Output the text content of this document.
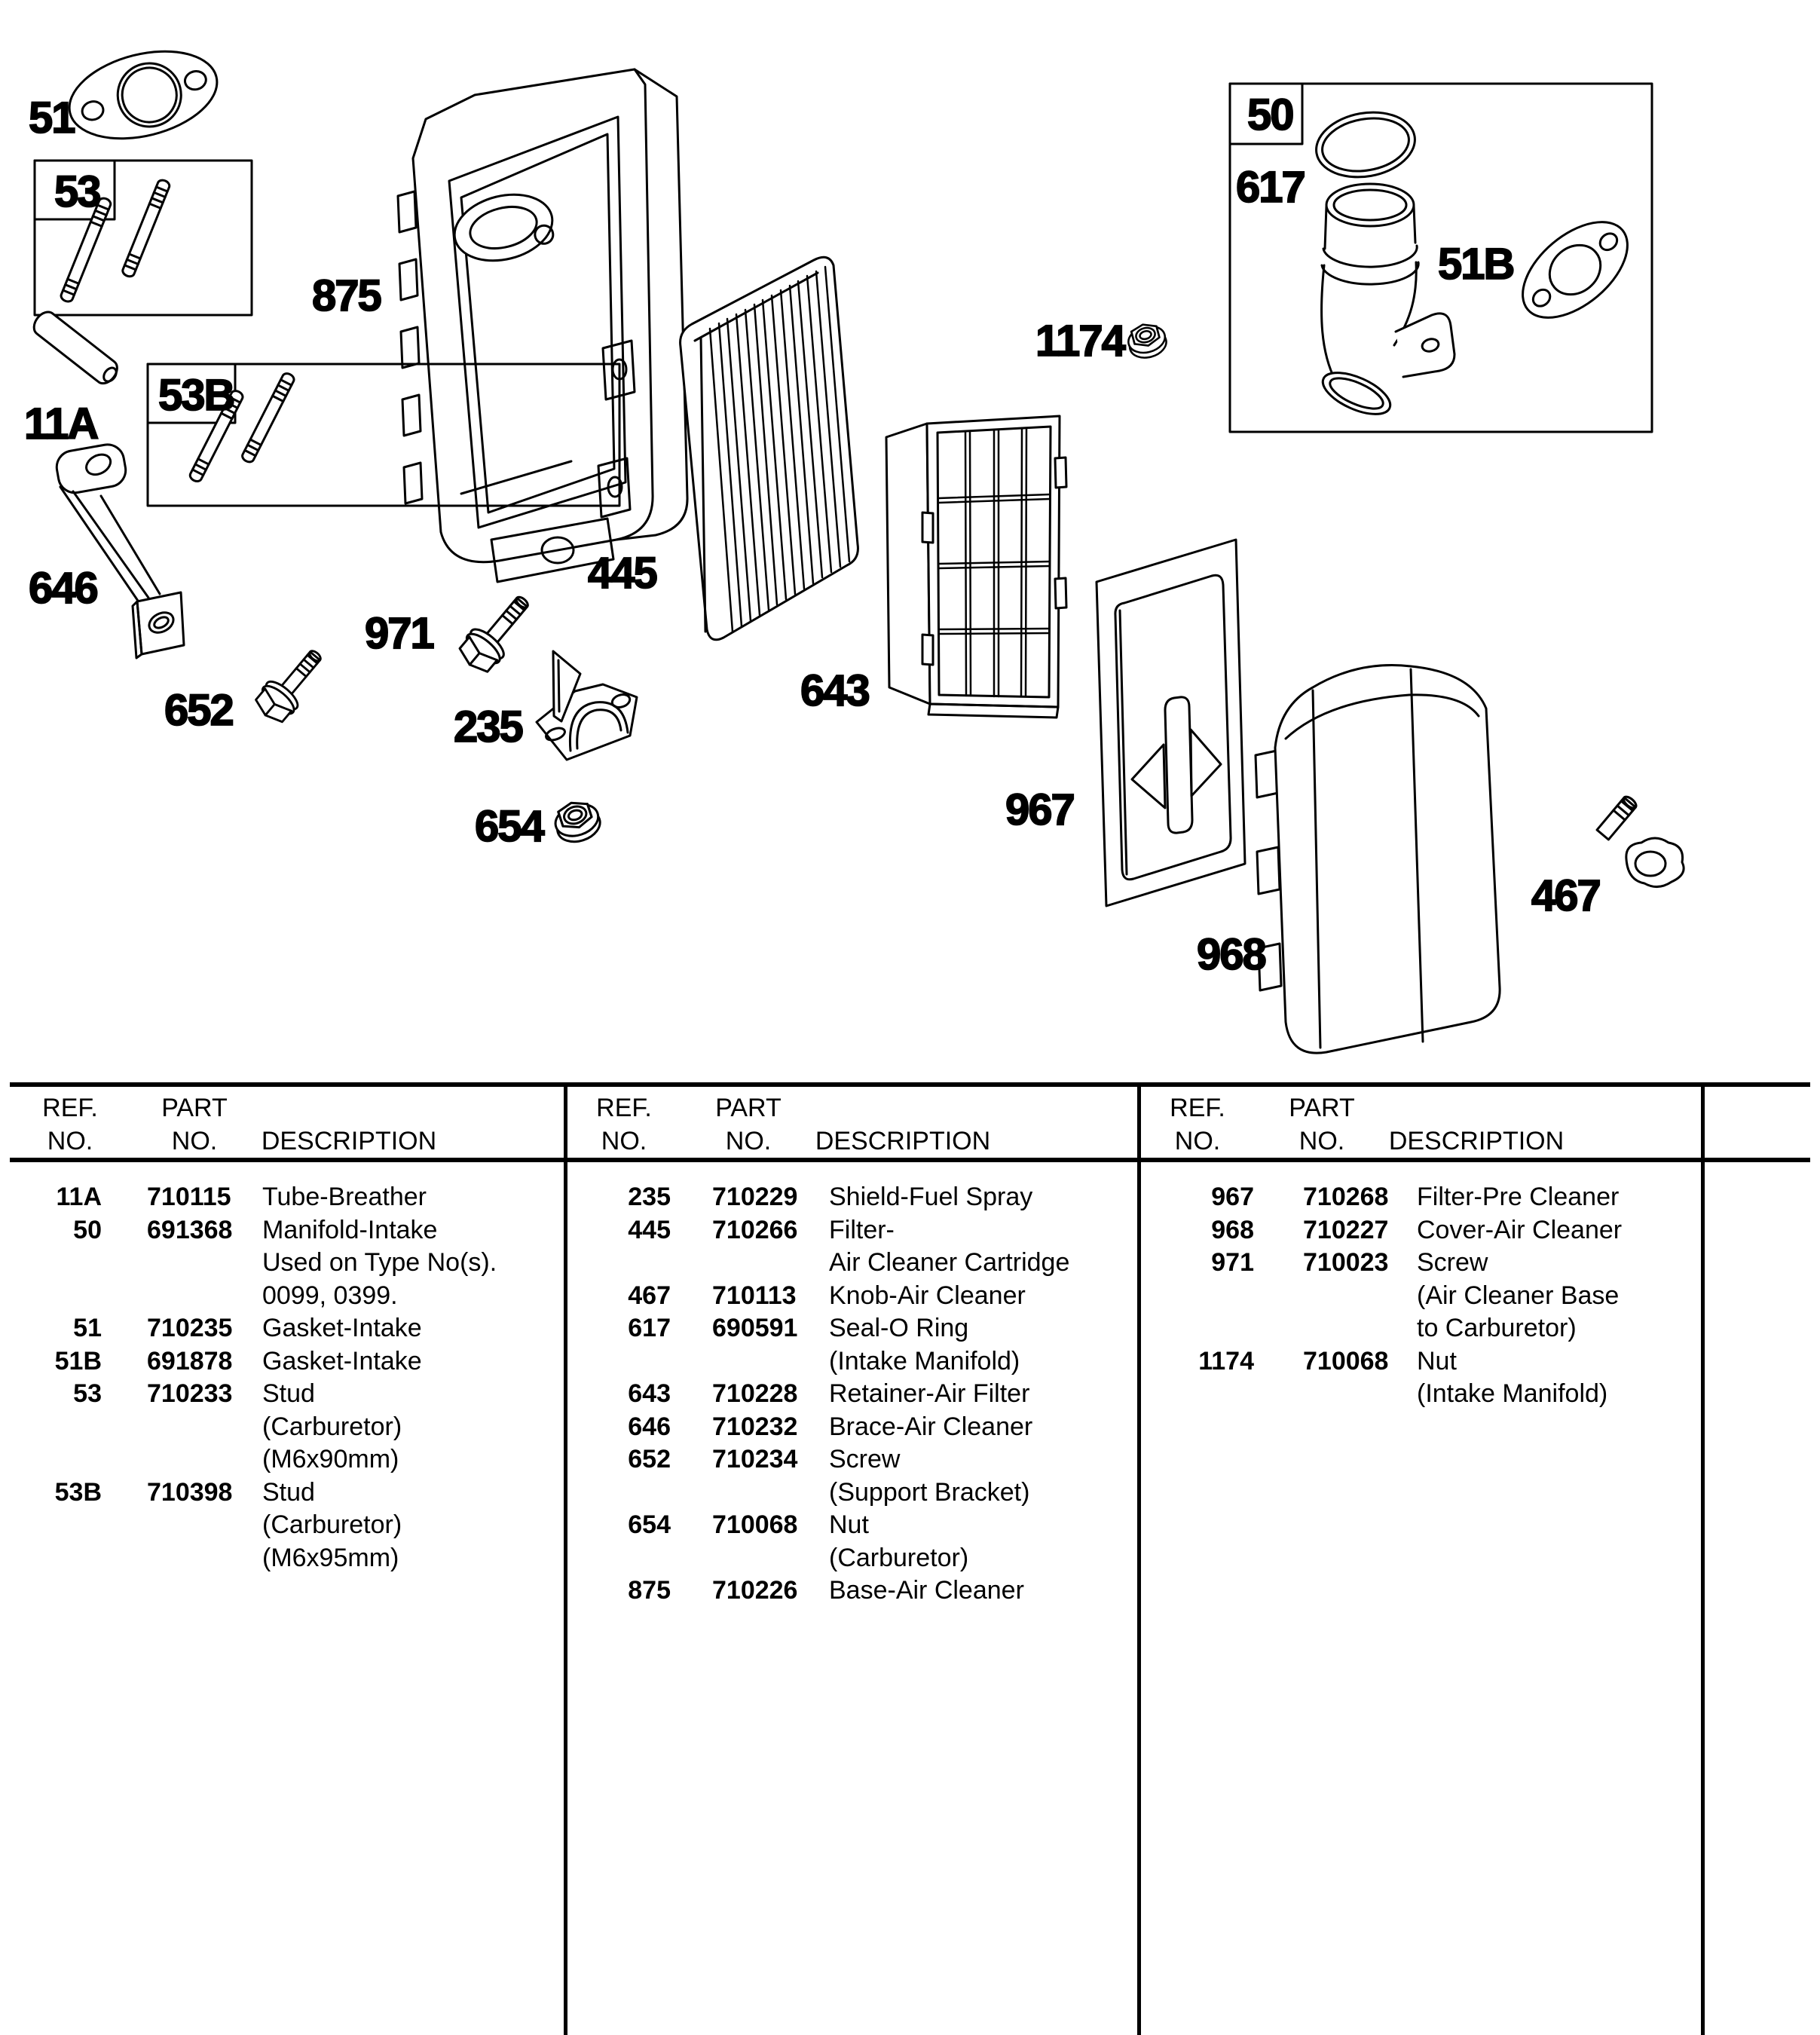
51
53
875
11A
53B
646	445
971
652	235
654
643
1174
967
50
617
51B
968
467
REF.
NO.
PART
NO. DESCRIPTION
11A 710115 Tube-Breather
50 691368 Manifold-Intake
Used on Type No(s).
0099, 0399.
51 710235 Gasket-Intake
51B 691878 Gasket-Intake
53 710233 Stud
(Carburetor)
(M6x90mm)
53B 710398 Stud
(Carburetor)
(M6x95mm)
REF.
NO.
PART
NO. DESCRIPTION
235 710229 Shield-Fuel Spray
445 710266 Filter-
Air Cleaner Cartridge
467 710113 Knob-Air Cleaner
617 690591 Seal-O Ring
(Intake Manifold)
643 710228 Retainer-Air Filter
646 710232 Brace-Air Cleaner
652 710234 Screw
(Support Bracket)
654 710068 Nut
(Carburetor)
875 710226 Base-Air Cleaner
REF.
NO.
PART
NO. DESCRIPTION
967 710268 Filter-Pre Cleaner
968 710227 Cover-Air Cleaner
971 710023 Screw
(Air Cleaner Base
to Carburetor)
1174 710068 Nut
(Intake Manifold)
